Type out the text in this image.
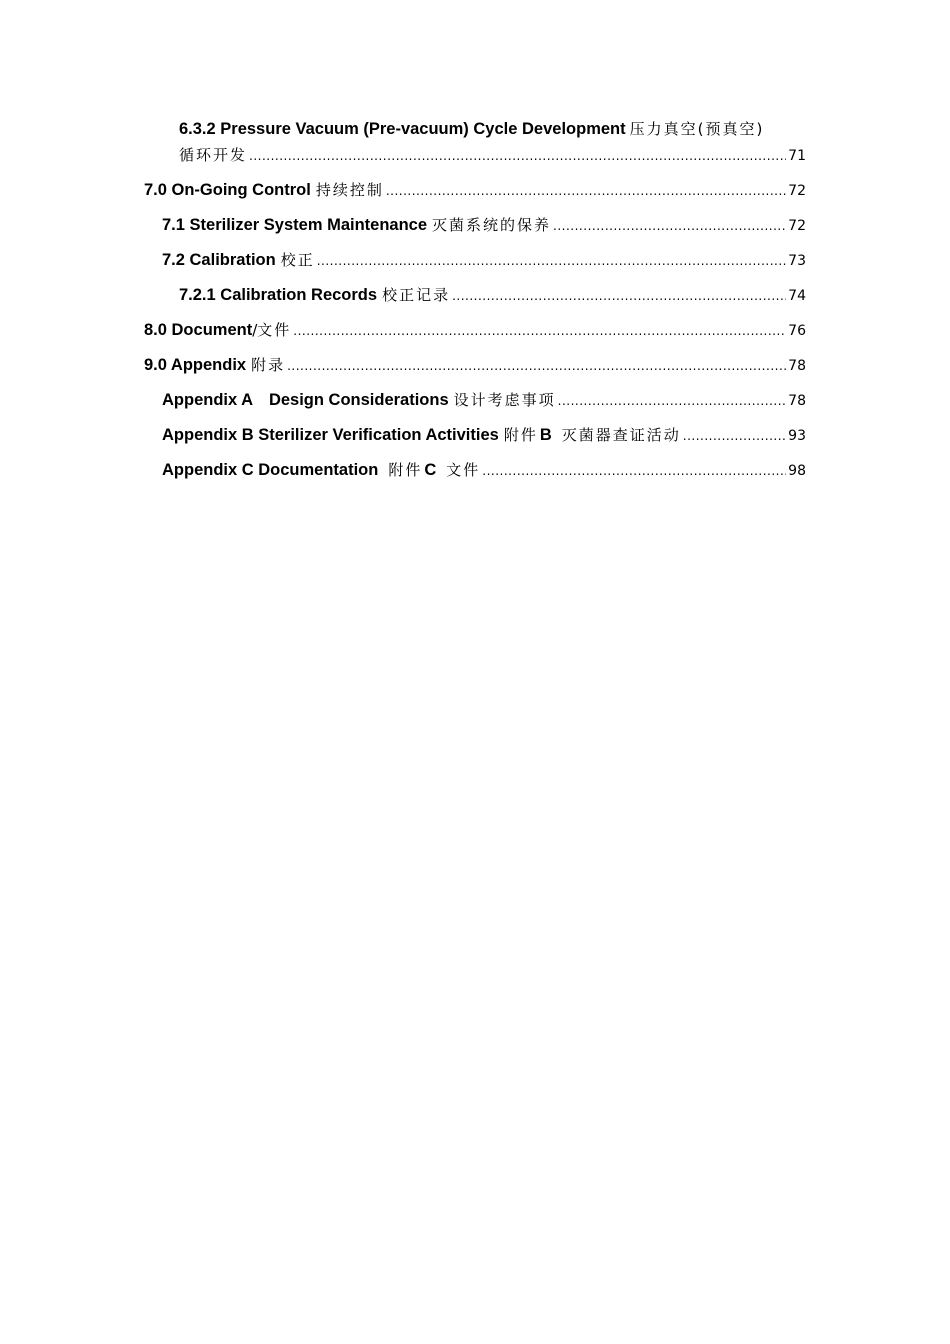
6.3.2 Pressure Vacuum (Pre-vacuum) Cycle Development 压力真空(预真空)
循环开发 .....	71
7.0 On-Going Control 持续控制 .....	72
7.1 Sterilizer System Maintenance 灭菌系统的保养 .....	72
7.2 Calibration 校正 .....	73
7.2.1 Calibration Records 校正记录 .....	74
8.0 Document / 文件 .....	76
9.0 Appendix 附录 .....	78
Appendix A　Design Considerations 设计考虑事项 .....	78
Appendix B Sterilizer Verification Activities 附件 B 灭菌器查证活动 .....	93
Appendix C Documentation 附件 C 文件 .....	98
